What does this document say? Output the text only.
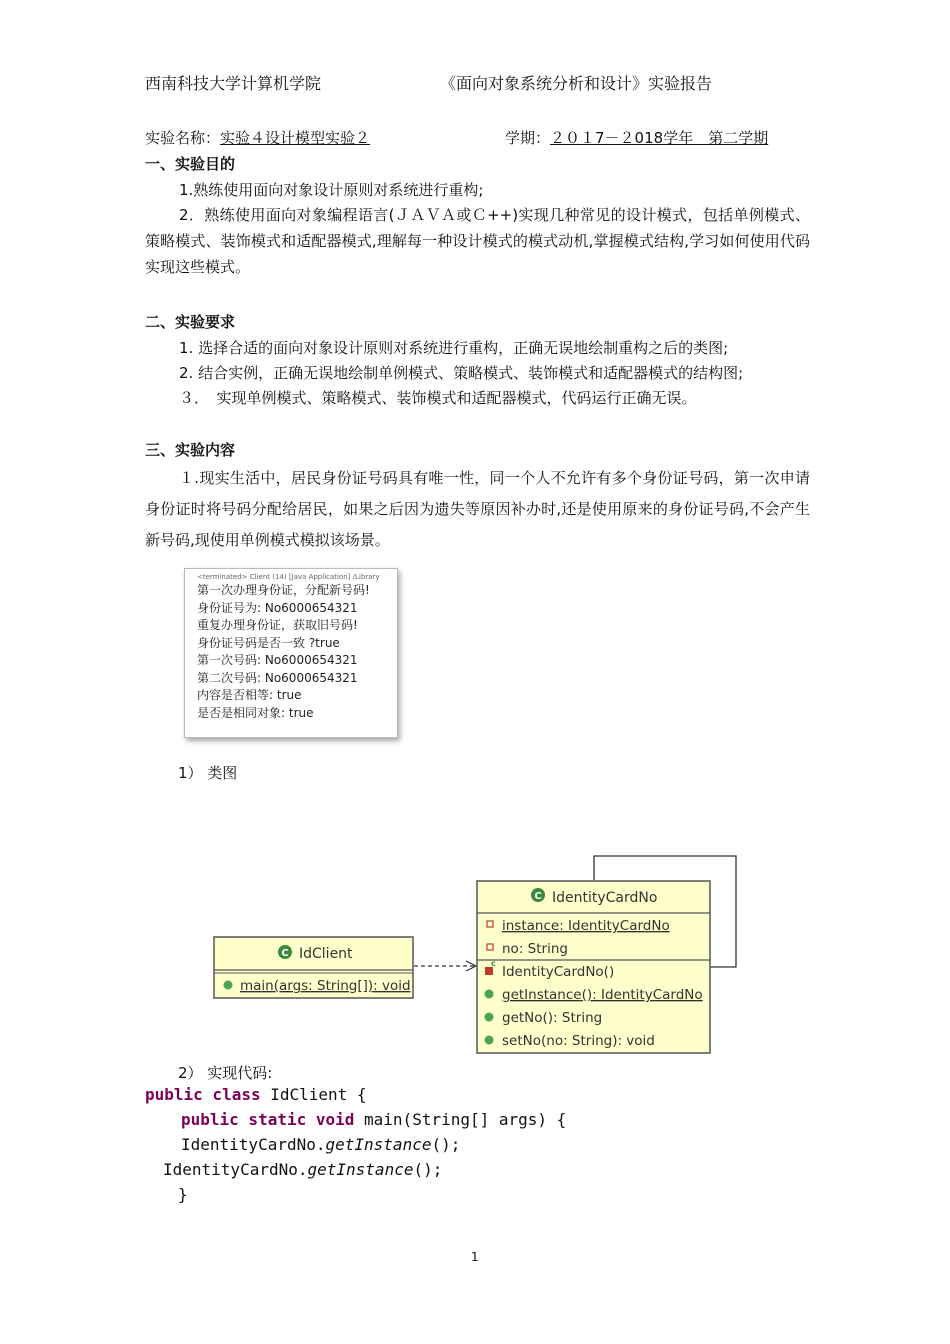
西南科技大学计算机学院	《面向对象系统分析和设计》实验报告
实验名称：实验４设计模型实验２	学期：２０１7－２018学年　第二学期
一、实验目的
1.熟练使用面向对象设计原则对系统进行重构;
2．熟练使用面向对象编程语言(ＪＡＶＡ或Ｃ++)实现几种常见的设计模式，包括单例模式、策略模式、装饰模式和适配器模式,理解每一种设计模式的模式动机,掌握模式结构,学习如何使用代码实现这些模式。
二、实验要求
1. 选择合适的面向对象设计原则对系统进行重构，正确无误地绘制重构之后的类图;
2. 结合实例，正确无误地绘制单例模式、策略模式、装饰模式和适配器模式的结构图;
３．　实现单例模式、策略模式、装饰模式和适配器模式，代码运行正确无误。
三、实验内容
１.现实生活中，居民身份证号码具有唯一性，同一个人不允许有多个身份证号码，第一次申请身份证时将号码分配给居民，如果之后因为遗失等原因补办时,还是使用原来的身份证号码,不会产生新号码,现使用单例模式模拟该场景。
<terminated> Client (14) [Java Application] /Library
第一次办理身份证，分配新号码!
身份证号为: No6000654321
重复办理身份证，获取旧号码!
身份证号码是否一致 ?true
第一次号码: No6000654321
第二次号码: No6000654321
内容是否相等: true
是否是相同对象: true
1） 类图
C IdClient
main(args: String[]): void
C IdentityCardNo
instance: IdentityCardNo
no: String
c
IdentityCardNo()
getInstance(): IdentityCardNo
getNo(): String
setNo(no: String): void
2） 实现代码:
public class IdClient {
public static void main(String[] args) {
IdentityCardNo.getInstance();
IdentityCardNo.getInstance();
}
1
